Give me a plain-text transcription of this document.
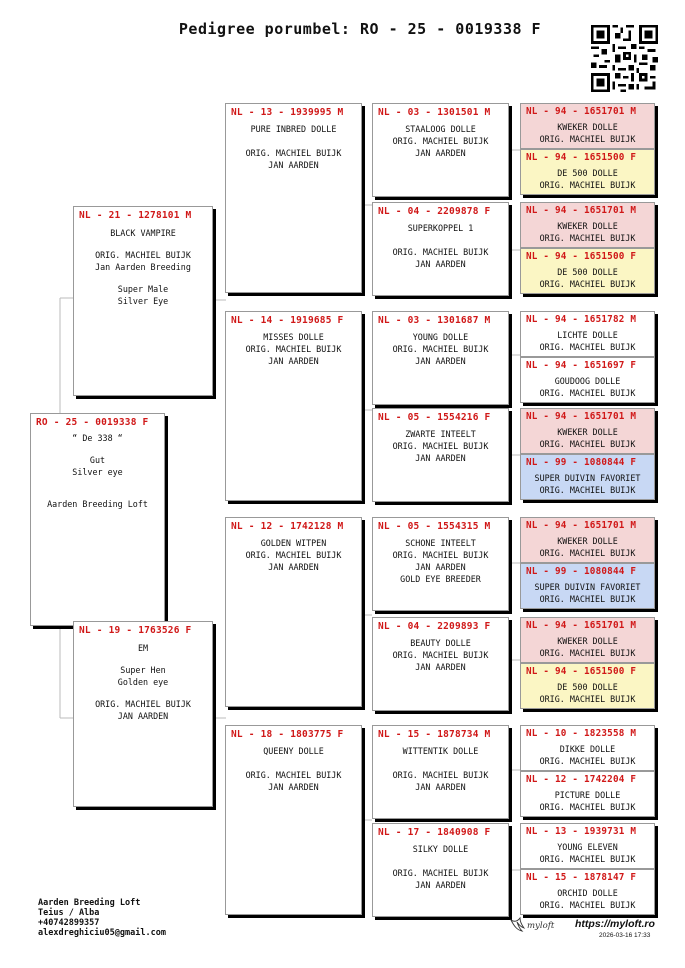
Pedigree porumbel: RO - 25 - 0019338 F
RO - 25 - 0019338 F
“ De 338 “
Gut
Silver eye
Aarden Breeding Loft
NL - 21 - 1278101 M
BLACK VAMPIRE
ORIG. MACHIEL BUIJK
Jan Aarden Breeding
Super Male
Silver Eye
NL - 19 - 1763526 F
EM
Super Hen
Golden eye
ORIG. MACHIEL BUIJK
JAN AARDEN
NL - 13 - 1939995 M
PURE INBRED DOLLE

ORIG. MACHIEL BUIJK
JAN AARDEN
NL - 14 - 1919685 F
MISSES DOLLE
ORIG. MACHIEL BUIJK
JAN AARDEN
NL - 12 - 1742128 M
GOLDEN WITPEN
ORIG. MACHIEL BUIJK
JAN AARDEN
NL - 18 - 1803775 F
QUEENY DOLLE

ORIG. MACHIEL BUIJK
JAN AARDEN
NL - 03 - 1301501 M
STAALOOG DOLLE
ORIG. MACHIEL BUIJK
JAN AARDEN
NL - 04 - 2209878 F
SUPERKOPPEL 1

ORIG. MACHIEL BUIJK
JAN AARDEN
NL - 03 - 1301687 M
YOUNG DOLLE
ORIG. MACHIEL BUIJK
JAN AARDEN
NL - 05 - 1554216 F
ZWARTE INTEELT
ORIG. MACHIEL BUIJK
JAN AARDEN
NL - 05 - 1554315 M
SCHONE INTEELT
ORIG. MACHIEL BUIJK
JAN AARDEN
GOLD EYE BREEDER
NL - 04 - 2209893 F
BEAUTY DOLLE
ORIG. MACHIEL BUIJK
JAN AARDEN
NL - 15 - 1878734 M
WITTENTIK DOLLE

ORIG. MACHIEL BUIJK
JAN AARDEN
NL - 17 - 1840908 F
SILKY DOLLE

ORIG. MACHIEL BUIJK
JAN AARDEN
NL - 94 - 1651701 M
KWEKER DOLLE
ORIG. MACHIEL BUIJK
NL - 94 - 1651500 F
DE 500 DOLLE
ORIG. MACHIEL BUIJK
NL - 94 - 1651701 M
KWEKER DOLLE
ORIG. MACHIEL BUIJK
NL - 94 - 1651500 F
DE 500 DOLLE
ORIG. MACHIEL BUIJK
NL - 94 - 1651782 M
LICHTE DOLLE
ORIG. MACHIEL BUIJK
NL - 94 - 1651697 F
GOUDOOG DOLLE
ORIG. MACHIEL BUIJK
NL - 94 - 1651701 M
KWEKER DOLLE
ORIG. MACHIEL BUIJK
NL - 99 - 1080844 F
SUPER DUIVIN FAVORIET
ORIG. MACHIEL BUIJK
NL - 94 - 1651701 M
KWEKER DOLLE
ORIG. MACHIEL BUIJK
NL - 99 - 1080844 F
SUPER DUIVIN FAVORIET
ORIG. MACHIEL BUIJK
NL - 94 - 1651701 M
KWEKER DOLLE
ORIG. MACHIEL BUIJK
NL - 94 - 1651500 F
DE 500 DOLLE
ORIG. MACHIEL BUIJK
NL - 10 - 1823558 M
DIKKE DOLLE
ORIG. MACHIEL BUIJK
NL - 12 - 1742204 F
PICTURE DOLLE
ORIG. MACHIEL BUIJK
NL - 13 - 1939731 M
YOUNG ELEVEN
ORIG. MACHIEL BUIJK
NL - 15 - 1878147 F
ORCHID DOLLE
ORIG. MACHIEL BUIJK
Aarden Breeding Loft
Teius / Alba
+40742899357
alexdreghiciu05@gmail.com
myloft https://myloft.ro
2026-03-16 17:33
